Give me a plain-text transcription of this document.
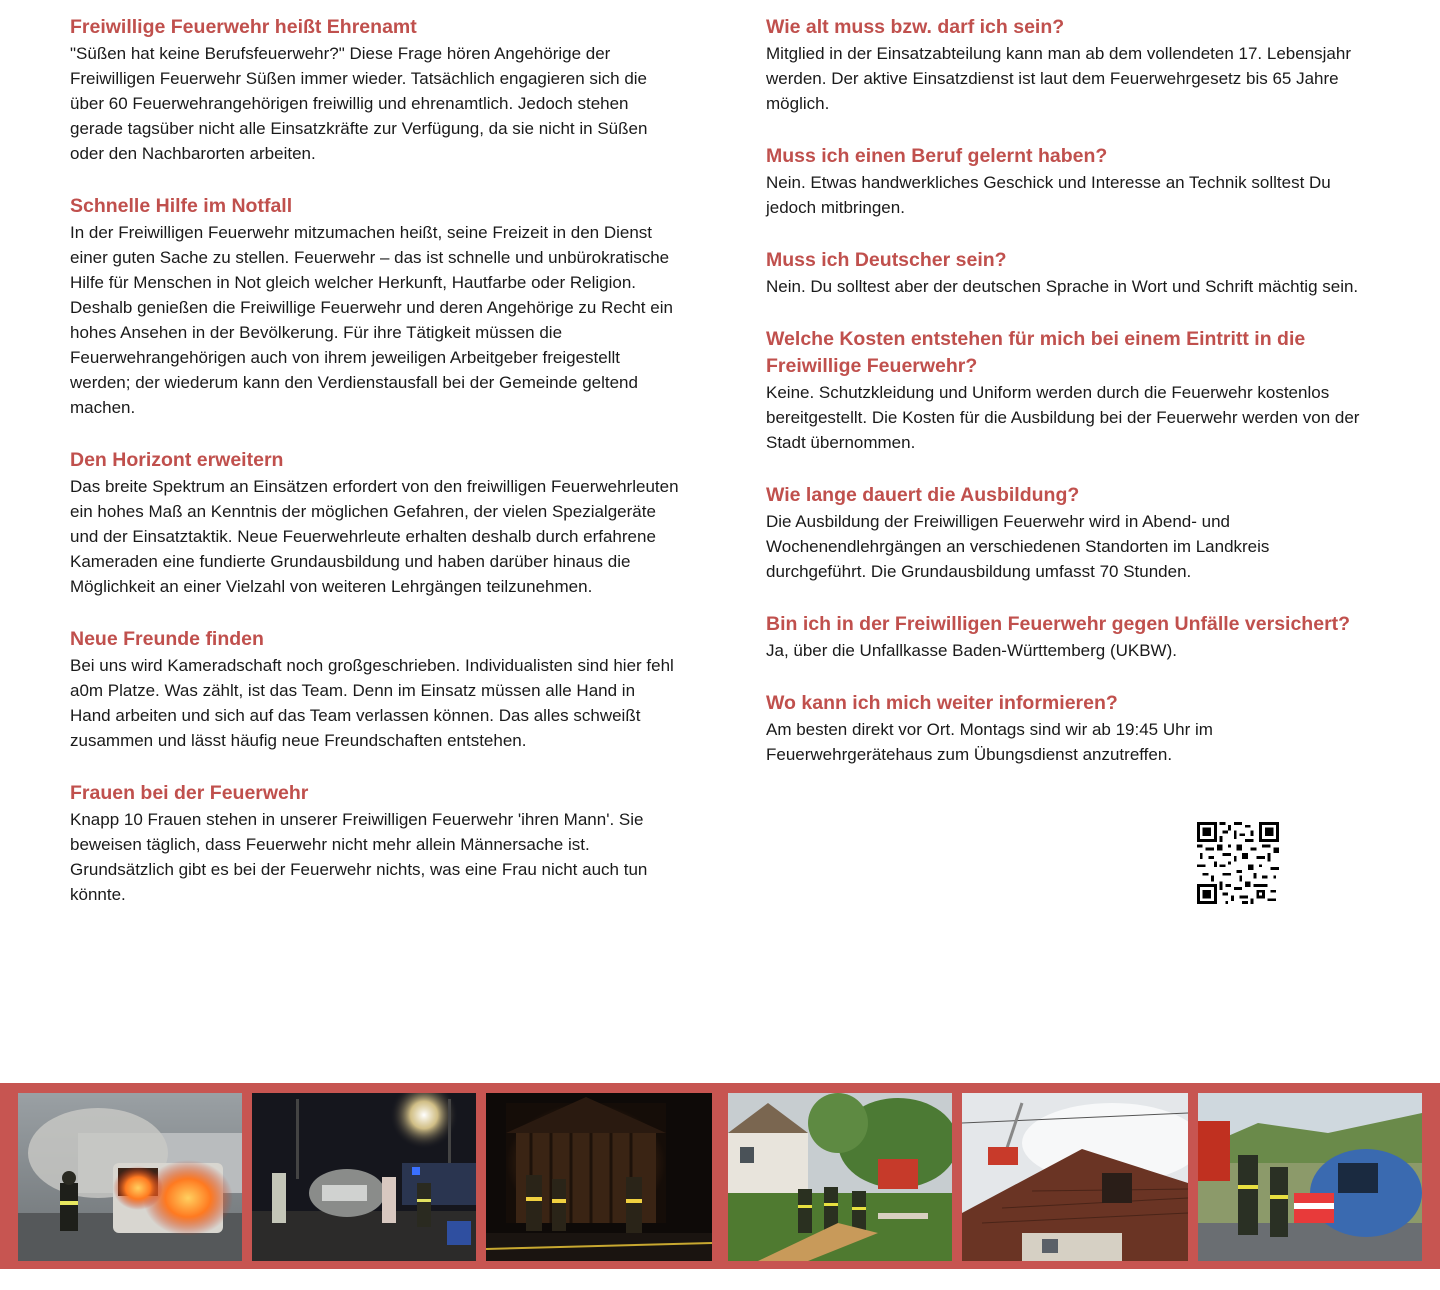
Freiwillige Feuerwehr heißt Ehrenamt

"Süßen hat keine Berufsfeuerwehr?" Diese Frage hören Angehörige der Freiwilligen Feuerwehr Süßen immer wieder. Tatsächlich engagieren sich die über 60 Feuerwehrangehörigen freiwillig und ehrenamtlich. Jedoch stehen gerade tagsüber nicht alle Einsatzkräfte zur Verfügung, da sie nicht in Süßen oder den Nachbarorten arbeiten.

Schnelle Hilfe im Notfall

In der Freiwilligen Feuerwehr mitzumachen heißt, seine Freizeit in den Dienst einer guten Sache zu stellen. Feuerwehr – das ist schnelle und unbürokratische Hilfe für Menschen in Not gleich welcher Herkunft, Hautfarbe oder Religion. Deshalb genießen die Freiwillige Feuerwehr und deren Angehörige zu Recht ein hohes Ansehen in der Bevölkerung. Für ihre Tätigkeit müssen die Feuerwehrangehörigen auch von ihrem jeweiligen Arbeitgeber freigestellt werden; der wiederum kann den Verdienstausfall bei der Gemeinde geltend machen.

Den Horizont erweitern

Das breite Spektrum an Einsätzen erfordert von den freiwilligen Feuerwehrleuten ein hohes Maß an Kenntnis der möglichen Gefahren, der vielen Spezialgeräte und der Einsatztaktik. Neue Feuerwehrleute erhalten deshalb durch erfahrene Kameraden eine fundierte Grundausbildung und haben darüber hinaus die Möglichkeit an einer Vielzahl von weiteren Lehrgängen teilzunehmen.

Neue Freunde finden

Bei uns wird Kameradschaft noch großgeschrieben. Individualisten sind hier fehl a0m Platze. Was zählt, ist das Team. Denn im Einsatz müssen alle Hand in Hand arbeiten und sich auf das Team verlassen können. Das alles schweißt zusammen und lässt häufig neue Freundschaften entstehen.

Frauen bei der Feuerwehr

Knapp 10 Frauen stehen in unserer Freiwilligen Feuerwehr 'ihren Mann'. Sie beweisen täglich, dass Feuerwehr nicht mehr allein Männersache ist. Grundsätzlich gibt es bei der Feuerwehr nichts, was eine Frau nicht auch tun könnte.

Wie alt muss bzw. darf ich sein?

Mitglied in der Einsatzabteilung kann man ab dem vollendeten 17. Lebensjahr werden. Der aktive Einsatzdienst ist laut dem Feuerwehrgesetz bis 65 Jahre möglich.

Muss ich einen Beruf gelernt haben?

Nein. Etwas handwerkliches Geschick und Interesse an Technik solltest Du jedoch mitbringen.

Muss ich Deutscher sein?

Nein. Du solltest aber der deutschen Sprache in Wort und Schrift mächtig sein.

Welche Kosten entstehen für mich bei einem Eintritt in die Freiwillige Feuerwehr?

Keine. Schutzkleidung und Uniform werden durch die Feuerwehr kostenlos bereitgestellt. Die Kosten für die Ausbildung bei der Feuerwehr werden von der Stadt übernommen.

Wie lange dauert die Ausbildung?

Die Ausbildung der Freiwilligen Feuerwehr wird in Abend- und Wochenendlehrgängen an verschiedenen Standorten im Landkreis durchgeführt. Die Grundausbildung umfasst 70 Stunden.

Bin ich in der Freiwilligen Feuerwehr gegen Unfälle versichert?

Ja, über die Unfallkasse Baden-Württemberg (UKBW).

Wo kann ich mich weiter informieren?

Am besten direkt vor Ort. Montags sind wir ab 19:45 Uhr im Feuerwehrgerätehaus zum Übungsdienst anzutreffen.
